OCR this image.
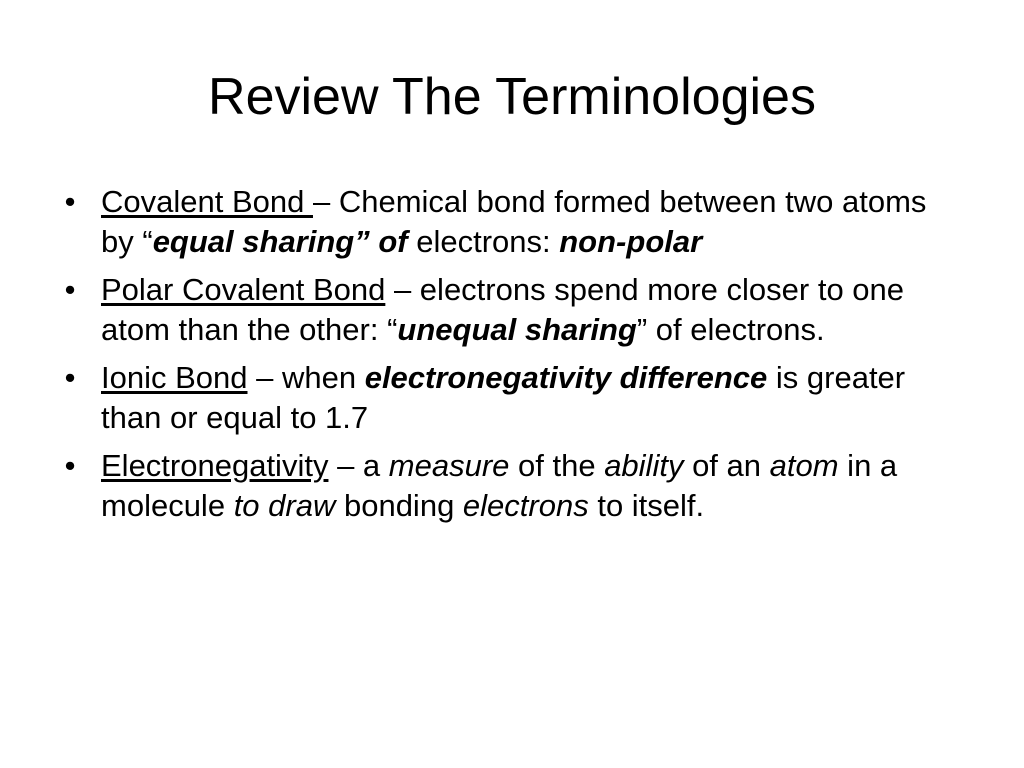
Review The Terminologies
• Covalent Bond – Chemical bond formed between two atoms by “equal sharing” of electrons: non-polar
• Polar Covalent Bond – electrons spend more closer to one atom than the other: “unequal sharing” of electrons.
• Ionic Bond – when electronegativity difference is greater than or equal to 1.7
• Electronegativity – a measure of the ability of an atom in a molecule to draw bonding electrons to itself.
